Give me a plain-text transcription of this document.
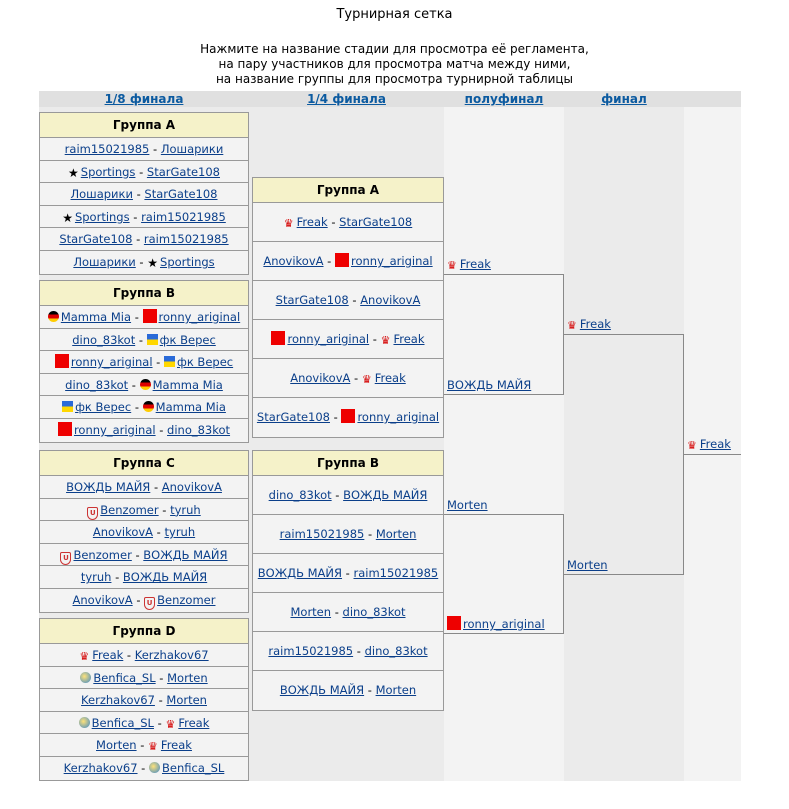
Турнирная сетка
Нажмите на название стадии для просмотра её регламента,
на пару участников для просмотра матча между ними,
на название группы для просмотра турнирной таблицы
1/8 финала	1/4 финала	полуфинал	финал
Группа A
raim15021985 - Лошарики
★ Sportings - StarGate108
Лошарики - StarGate108
★ Sportings - raim15021985
StarGate108 - raim15021985
Лошарики - ★ Sportings
Группа B
Mamma Mia - ronny_ariginal
dino_83kot - фк Верес
ronny_ariginal - фк Верес
dino_83kot - Mamma Mia
фк Верес - Mamma Mia
ronny_ariginal - dino_83kot
Группа C
ВОЖДЬ МАЙЯ - AnovikovA
U Benzomer - tyruh
AnovikovA - tyruh
U Benzomer - ВОЖДЬ МАЙЯ
tyruh - ВОЖДЬ МАЙЯ
AnovikovA - U Benzomer
Группа D
♛ Freak - Kerzhakov67
Benfica_SL - Morten
Kerzhakov67 - Morten
Benfica_SL - ♛ Freak
Morten - ♛ Freak
Kerzhakov67 - Benfica_SL
Группа A
♛ Freak - StarGate108
AnovikovA - ronny_ariginal
StarGate108 - AnovikovA
ronny_ariginal - ♛ Freak
AnovikovA - ♛ Freak
StarGate108 - ronny_ariginal
Группа B
dino_83kot - ВОЖДЬ МАЙЯ
raim15021985 - Morten
ВОЖДЬ МАЙЯ - raim15021985
Morten - dino_83kot
raim15021985 - dino_83kot
ВОЖДЬ МАЙЯ - Morten
♛ Freak
ВОЖДЬ МАЙЯ
Morten
ronny_ariginal
♛ Freak
Morten
♛ Freak
